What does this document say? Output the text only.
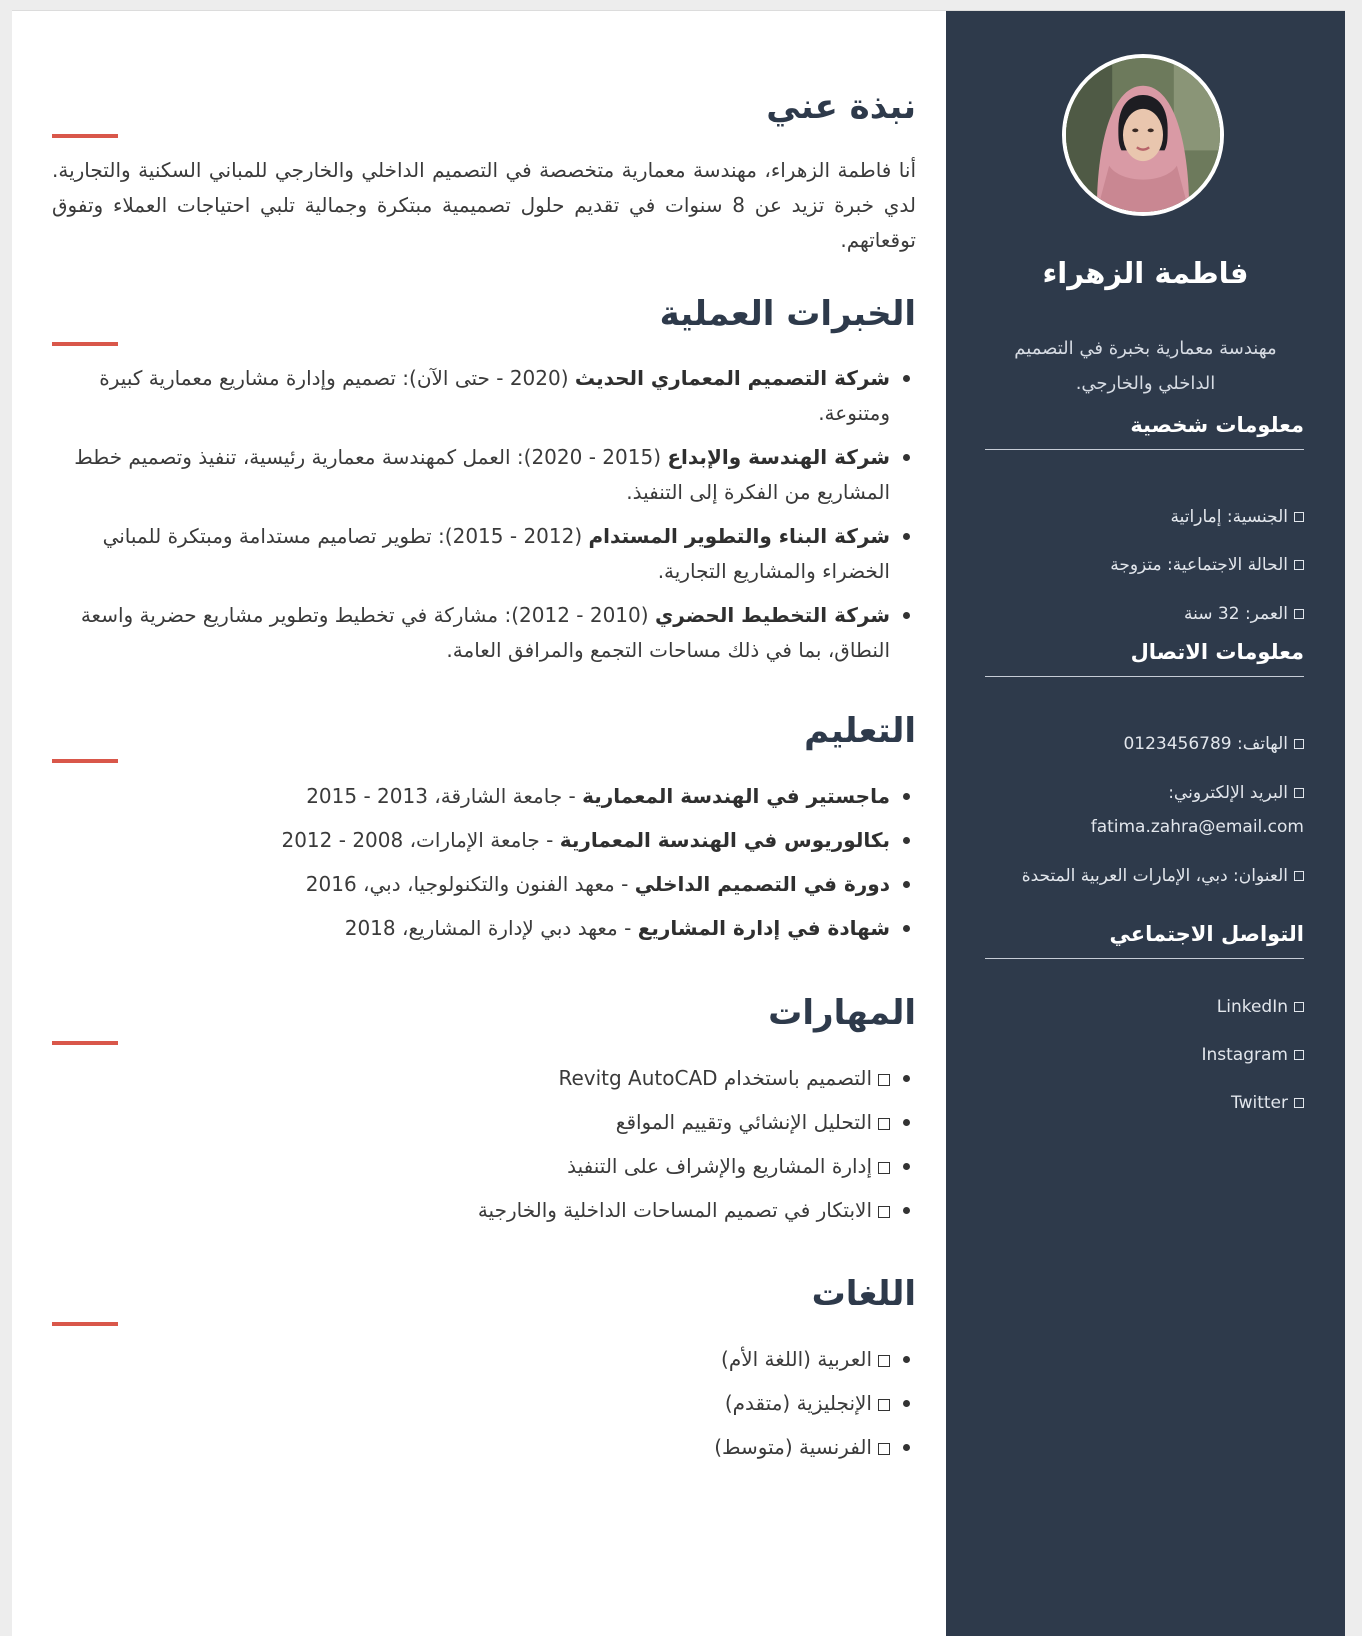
نبذة عني
أنا فاطمة الزهراء، مهندسة معمارية متخصصة في التصميم الداخلي والخارجي للمباني السكنية والتجارية. لدي خبرة تزيد عن 8 سنوات في تقديم حلول تصميمية مبتكرة وجمالية تلبي احتياجات العملاء وتفوق توقعاتهم.
الخبرات العملية
شركة التصميم المعماري الحديث (2020 - حتى الآن): تصميم وإدارة مشاريع معمارية كبيرة ومتنوعة.
شركة الهندسة والإبداع (2015 - 2020): العمل كمهندسة معمارية رئيسية، تنفيذ وتصميم خطط المشاريع من الفكرة إلى التنفيذ.
شركة البناء والتطوير المستدام (2012 - 2015): تطوير تصاميم مستدامة ومبتكرة للمباني الخضراء والمشاريع التجارية.
شركة التخطيط الحضري (2010 - 2012): مشاركة في تخطيط وتطوير مشاريع حضرية واسعة النطاق، بما في ذلك مساحات التجمع والمرافق العامة.
التعليم
ماجستير في الهندسة المعمارية - جامعة الشارقة، 2013 - 2015
بكالوريوس في الهندسة المعمارية - جامعة الإمارات، 2008 - 2012
دورة في التصميم الداخلي - معهد الفنون والتكنولوجيا، دبي، 2016
شهادة في إدارة المشاريع - معهد دبي لإدارة المشاريع، 2018
المهارات
التصميم باستخدام Revitg AutoCAD
التحليل الإنشائي وتقييم المواقع
إدارة المشاريع والإشراف على التنفيذ
الابتكار في تصميم المساحات الداخلية والخارجية
اللغات
العربية (اللغة الأم)
الإنجليزية (متقدم)
الفرنسية (متوسط)
فاطمة الزهراء
مهندسة معمارية بخبرة في التصميم الداخلي والخارجي.
معلومات شخصية
الجنسية: إماراتية
الحالة الاجتماعية: متزوجة
العمر: 32 سنة
معلومات الاتصال
الهاتف: 0123456789
البريد الإلكتروني:
fatima.zahra@email.com
العنوان: دبي، الإمارات العربية المتحدة
التواصل الاجتماعي
LinkedIn
Instagram
Twitter
